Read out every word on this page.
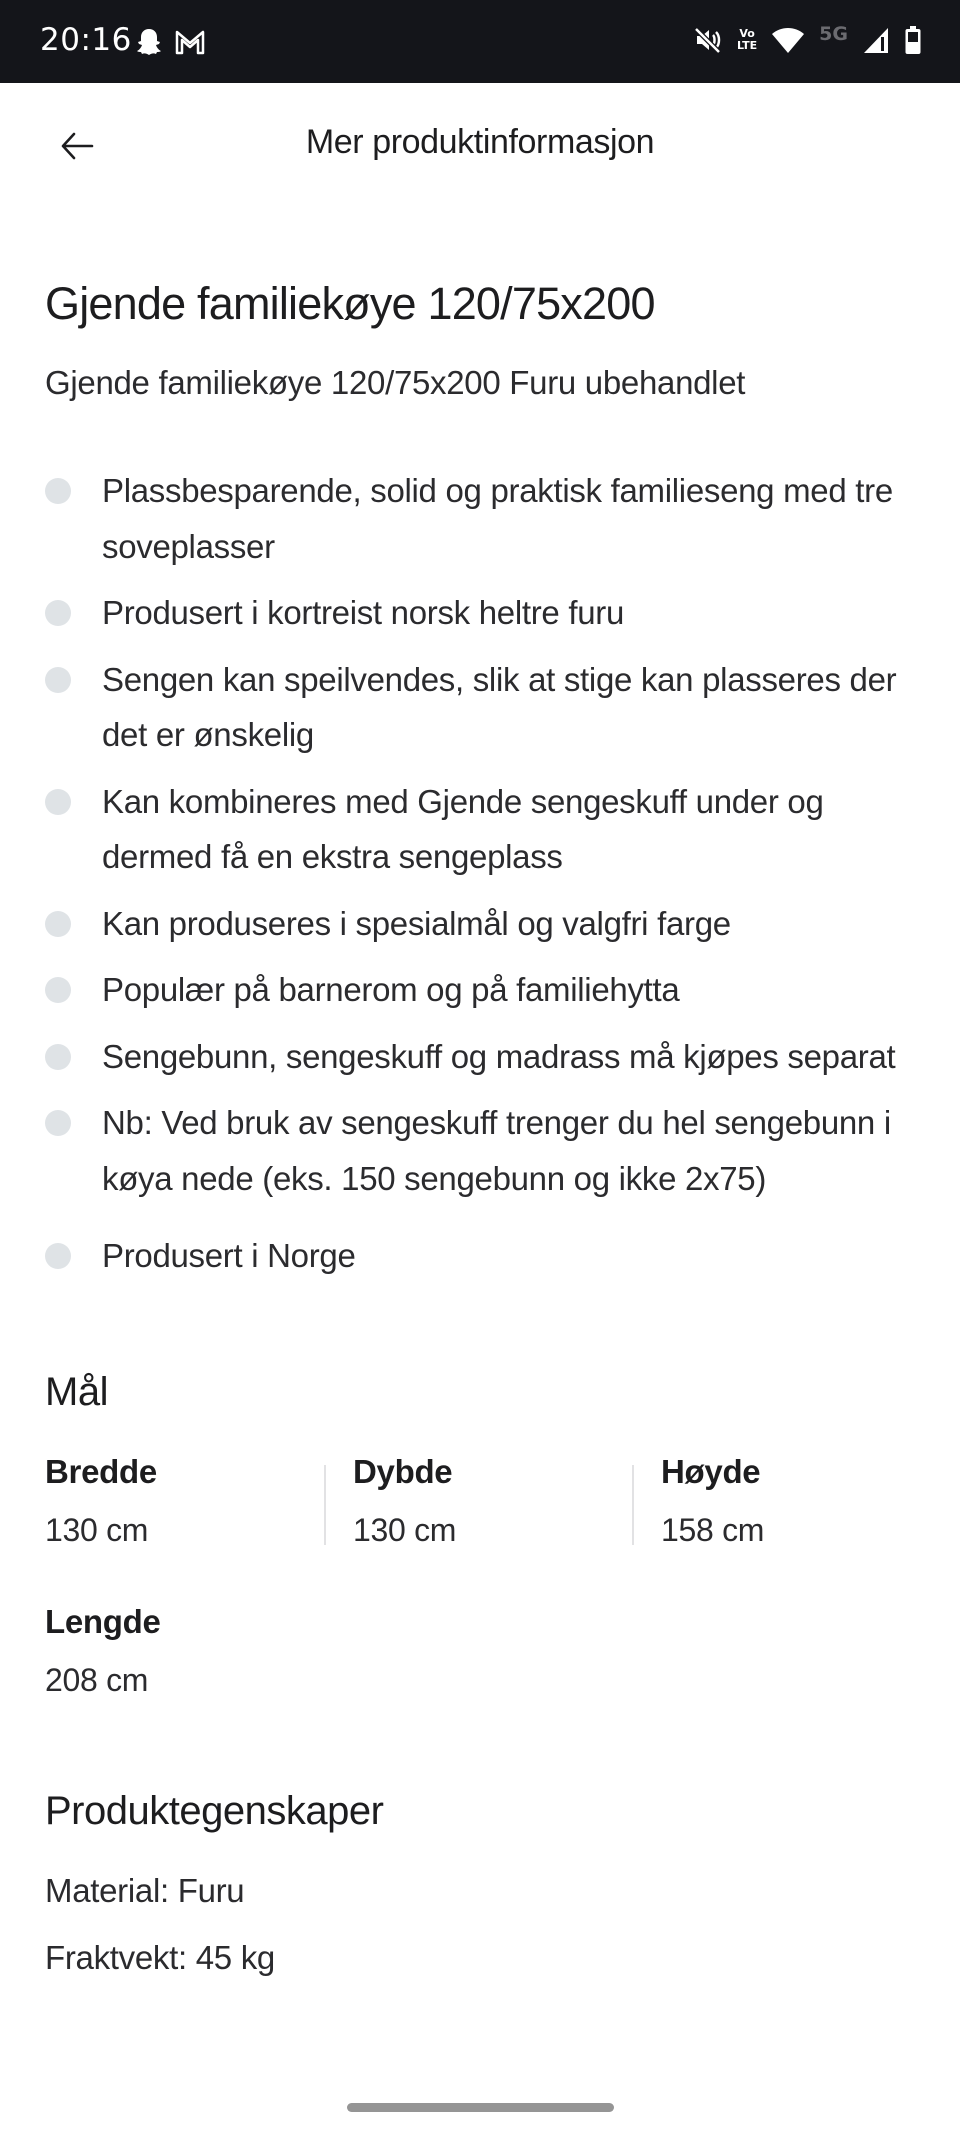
20:16	Vo
LTE
5G
Mer produktinformasjon
Gjende familiekøye 120/75x200

Gjende familiekøye 120/75x200 Furu ubehandlet

Plassbesparende, solid og praktisk familieseng med tre soveplasser
Produsert i kortreist norsk heltre furu
Sengen kan speilvendes, slik at stige kan plasseres der det er ønskelig
Kan kombineres med Gjende sengeskuff under og dermed få en ekstra sengeplass
Kan produseres i spesialmål og valgfri farge
Populær på barnerom og på familiehytta
Sengebunn, sengeskuff og madrass må kjøpes separat
Nb: Ved bruk av sengeskuff trenger du hel sengebunn i køya nede (eks. 150 sengebunn og ikke 2x75)
Produsert i Norge
Mål
Bredde
130 cm
Dybde
130 cm
Høyde
158 cm
Lengde
208 cm
Produktegenskaper
Material: Furu
Fraktvekt: 45 kg
